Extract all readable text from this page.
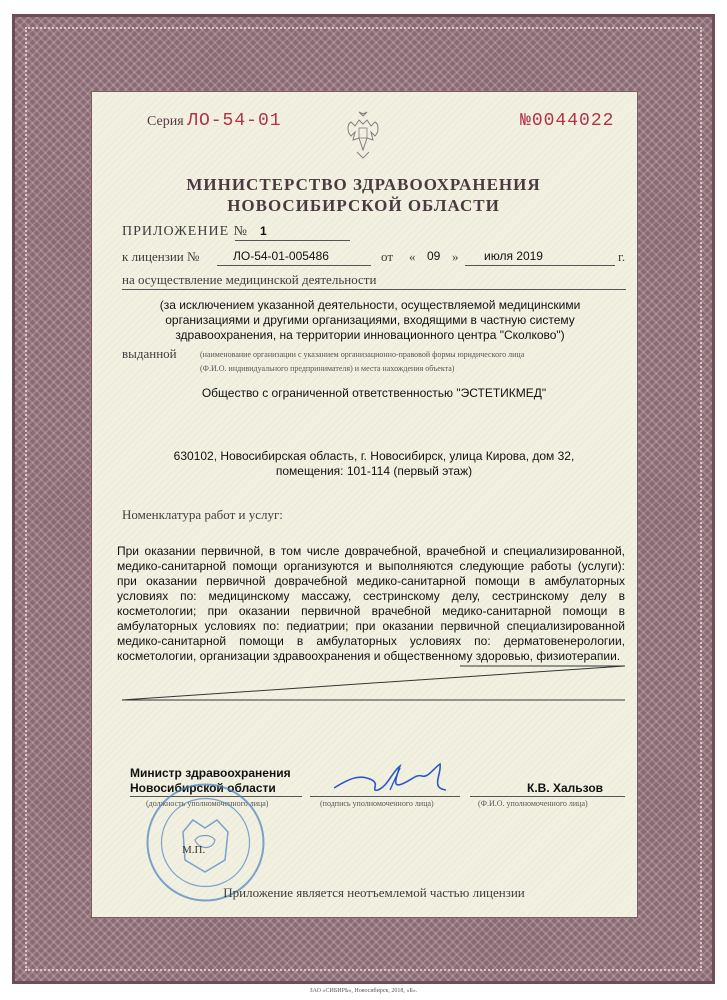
Серия ЛО-54-01	№0044022
МИНИСТЕРСТВО ЗДРАВООХРАНЕНИЯ
НОВОСИБИРСКОЙ ОБЛАСТИ
ПРИЛОЖЕНИЕ № 1
к лицензии №	ЛО-54-01-005486	от « 09 » июля 2019	г.
на осуществление медицинской деятельности
(за исключением указанной деятельности, осуществляемой медицинскими организациями и другими организациями, входящими в частную систему здравоохранения, на территории инновационного центра "Сколково")
выданной	(наименование организации с указанием организационно-правовой формы юридического лица
(Ф.И.О. индивидуального предпринимателя) и места нахождения объекта)
Общество с ограниченной ответственностью "ЭСТЕТИКМЕД"
630102, Новосибирская область, г. Новосибирск, улица Кирова, дом 32,
помещения: 101-114 (первый этаж)
Номенклатура работ и услуг:
При оказании первичной, в том числе доврачебной, врачебной и специализированной, медико-санитарной помощи организуются и выполняются следующие работы (услуги): при оказании первичной доврачебной медико-санитарной помощи в амбулаторных условиях по: медицинскому массажу, сестринскому делу, сестринскому делу в косметологии; при оказании первичной врачебной медико-санитарной помощи в амбулаторных условиях по: педиатрии; при оказании первичной специализированной медико-санитарной помощи в амбулаторных условиях по: дерматовенерологии, косметологии, организации здравоохранения и общественному здоровью, физиотерапии.
Министр здравоохранения
Новосибирской области
(должность уполномоченного лица)	(подпись уполномоченного лица)
К.В. Хальзов
(Ф.И.О. уполномоченного лица)
М.П.
Приложение является неотъемлемой частью лицензии
ЗАО «СИБИРЬ», Новосибирск, 2018, «Б».
